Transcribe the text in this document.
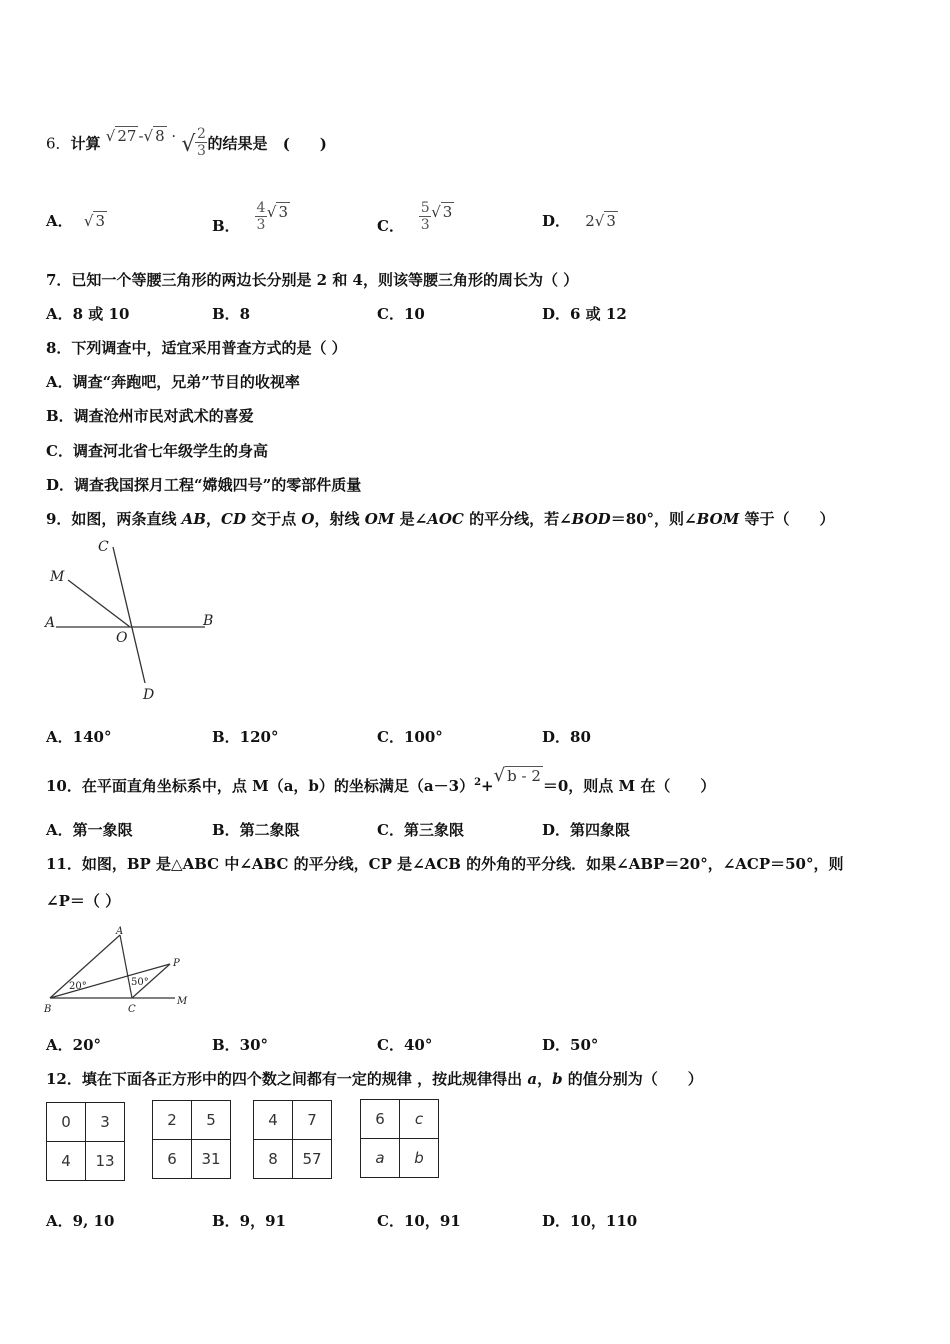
6．计算 √ 27 -√ 8 · √ $\frac{2}{3}$ 的结果是 (　　)
A． √ 3	B． $\frac{4}{3}$ √ 3
C． $\frac{5}{3}$ √ 3
D． 2√ 3
7．已知一个等腰三角形的两边长分别是 2 和 4，则该等腰三角形的周长为（ ）
A．8 或 10	B．8	C．10	D．6 或 12
8．下列调查中，适宜采用普查方式的是（ ）
A．调查“奔跑吧，兄弟”节目的收视率
B．调查沧州市民对武术的喜爱
C．调查河北省七年级学生的身高
D．调查我国探月工程“嫦娥四号”的零部件质量
9．如图，两条直线 AB，CD 交于点 O，射线 OM 是∠AOC 的平分线，若∠BOD＝80°，则∠BOM 等于（　　）
C
M
A	B
O
D
A．140°	B．120°	C．100°	D．80
10．在平面直角坐标系中，点 M（a，b）的坐标满足$(a-3)^2+√$ b - 2＝0，则点 M 在（　　）
A．第一象限	B．第二象限	C．第三象限	D．第四象限
11．如图，BP 是△ABC 中∠ABC 的平分线，CP 是∠ACB 的外角的平分线．如果∠ABP＝20°，∠ACP＝50°，则
∠P＝（ ）
A
P
B	C
M
20°	50°
A．20°	B．30°	C．40°	D．50°
12．填在下面各正方形中的四个数之间都有一定的规律 ，按此规律得出 a，b 的值分别为（　　）
0	3
4	13
2	5
6	31
4	7
8	57
6	c
a	b
A．9, 10	B．9，91	C．10，91	D．10，110
